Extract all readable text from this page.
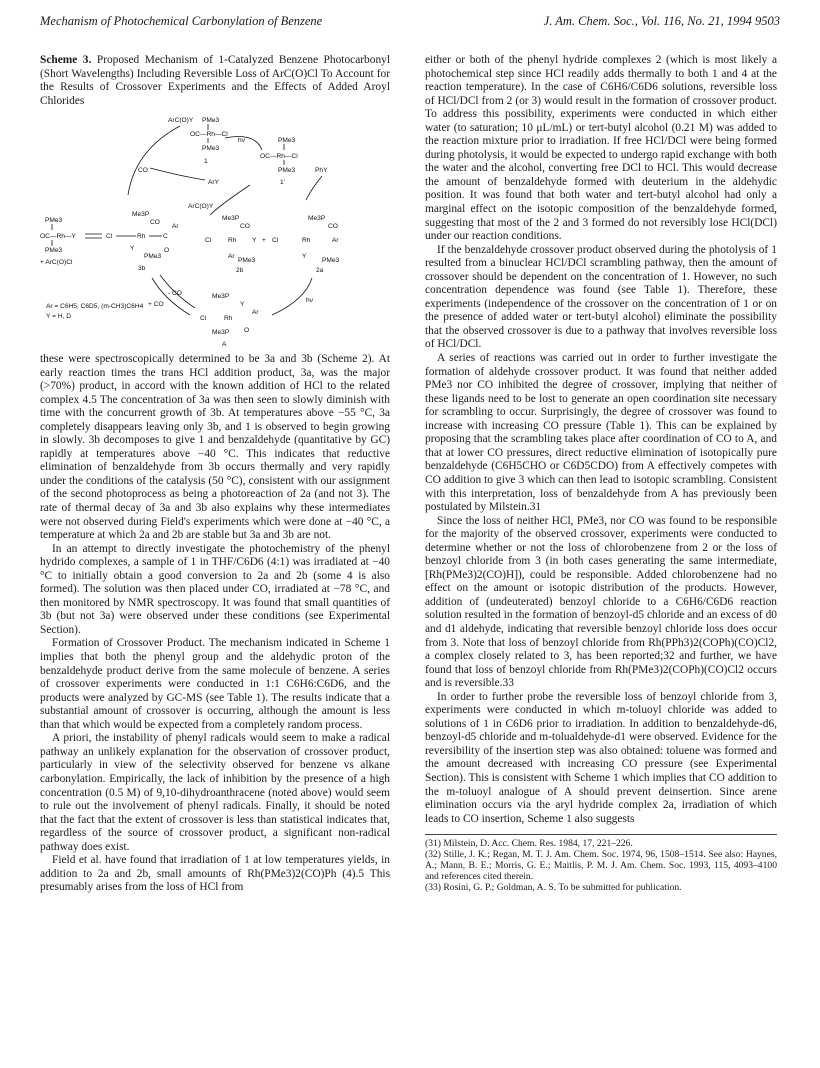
Mechanism of Photochemical Carbonylation of Benzene	J. Am. Chem. Soc., Vol. 116, No. 21, 1994 9503
Scheme 3. Proposed Mechanism of 1-Catalyzed Benzene Photocarbonyl (Short Wavelengths) Including Reversible Loss of ArC(O)Cl To Account for the Results of Crossover Experiments and the Effects of Added Aroyl Chlorides
ArC(O)Y PMe3
OC—Rh—Cl
PMe3
1
hν	PMe3
OC—Rh—Cl
PMe3
1'
PhY
CO
ArY
ArC(O)Y
PMe3
OC—Rh—Y
PMe3
+ ArC(O)Cl
Me3P
CO
Cl	Rh	C
Ar
Y
PMe3
O
3b
Me3P
CO
Cl	Rh Y
Ar
PMe3
2b
+
Me3P
CO
Cl	Rh	Ar
Y
PMe3
2a
- CO
+ CO
hν
Me3P
Y
Cl	Rh
Ar
O
Me3P
A
Ar = C6H5, C6D5, (m-CH3)C6H4
Y = H, D

these were spectroscopically determined to be 3a and 3b (Scheme 2). At early reaction times the trans HCl addition product, 3a, was the major (>70%) product, in accord with the known addition of HCl to the related complex 4.5 The concentration of 3a was then seen to slowly diminish with time with the concurrent growth of 3b. At temperatures above −55 °C, 3a completely disappears leaving only 3b, and 1 is observed to begin growing in slowly. 3b decomposes to give 1 and benzaldehyde (quantitative by GC) rapidly at temperatures above −40 °C. This indicates that reductive elimination of benzaldehyde from 3b occurs thermally and very rapidly under the conditions of the catalysis (50 °C), consistent with our assignment of the second photoprocess as being a photoreaction of 2a (and not 3). The rate of thermal decay of 3a and 3b also explains why these intermediates were not observed during Field's experiments which were done at −40 °C, a temperature at which 2a and 2b are stable but 3a and 3b are not.

In an attempt to directly investigate the photochemistry of the phenyl hydrido complexes, a sample of 1 in THF/C6D6 (4:1) was irradiated at −40 °C to initially obtain a good conversion to 2a and 2b (some 4 is also formed). The solution was then placed under CO, irradiated at −78 °C, and then monitored by NMR spectroscopy. It was found that small quantities of 3b (but not 3a) were observed under these conditions (see Experimental Section).

Formation of Crossover Product. The mechanism indicated in Scheme 1 implies that both the phenyl group and the aldehydic proton of the benzaldehyde product derive from the same molecule of benzene. A series of crossover experiments were conducted in 1:1 C6H6:C6D6, and the products were analyzed by GC-MS (see Table 1). The results indicate that a substantial amount of crossover is occurring, although the amount is less than that which would be expected from a completely random process.

A priori, the instability of phenyl radicals would seem to make a radical pathway an unlikely explanation for the observation of crossover product, particularly in view of the selectivity observed for benzene vs alkane carbonylation. Empirically, the lack of inhibition by the presence of a high concentration (0.5 M) of 9,10-dihydroanthracene (noted above) would seem to rule out the involvement of phenyl radicals. Finally, it should be noted that the fact that the extent of crossover is less than statistical indicates that, regardless of the source of crossover product, a significant non-radical pathway does exist.

Field et al. have found that irradiation of 1 at low temperatures yields, in addition to 2a and 2b, small amounts of Rh(PMe3)2(CO)Ph (4).5 This presumably arises from the loss of HCl from

either or both of the phenyl hydride complexes 2 (which is most likely a photochemical step since HCl readily adds thermally to both 1 and 4 at the reaction temperature). In the case of C6H6/C6D6 solutions, reversible loss of HCl/DCl from 2 (or 3) would result in the formation of crossover product. To address this possibility, experiments were conducted in which either water (to saturation; 10 μL/mL) or tert-butyl alcohol (0.21 M) was added to the reaction mixture prior to irradiation. If free HCl/DCl were being formed during photolysis, it would be expected to undergo rapid exchange with both the water and the alcohol, converting free DCl to HCl. This would decrease the amount of benzaldehyde formed with deuterium in the aldehydic position. It was found that both water and tert-butyl alcohol had only a marginal effect on the isotopic composition of the benzaldehyde formed, suggesting that most of the 2 and 3 formed do not reversibly lose HCl(DCl) under our reaction conditions.

If the benzaldehyde crossover product observed during the photolysis of 1 resulted from a binuclear HCl/DCl scrambling pathway, then the amount of crossover should be dependent on the concentration of 1. However, no such concentration dependence was found (see Table 1). Therefore, these experiments (independence of the crossover on the concentration of 1 or on the presence of added water or tert-butyl alcohol) eliminate the possibility that the observed crossover is due to a pathway that involves reversible loss of HCl/DCl.

A series of reactions was carried out in order to further investigate the formation of aldehyde crossover product. It was found that neither added PMe3 nor CO inhibited the degree of crossover, implying that neither of these ligands need to be lost to generate an open coordination site necessary for scrambling to occur. Surprisingly, the degree of crossover was found to increase with increasing CO pressure (Table 1). This can be explained by proposing that the scrambling takes place after coordination of CO to A, and that at lower CO pressures, direct reductive elimination of isotopically pure benzaldehyde (C6H5CHO or C6D5CDO) from A effectively competes with CO addition to give 3 which can then lead to isotopic scrambling. Consistent with this interpretation, loss of benzaldehyde from A has previously been postulated by Milstein.31

Since the loss of neither HCl, PMe3, nor CO was found to be responsible for the majority of the observed crossover, experiments were conducted to determine whether or not the loss of chlorobenzene from 2 or the loss of benzoyl chloride from 3 (in both cases generating the same intermediate, [Rh(PMe3)2(CO)H]), could be responsible. Added chlorobenzene had no effect on the amount or isotopic distribution of the products. However, addition of (undeuterated) benzoyl chloride to a C6H6/C6D6 reaction solution resulted in the formation of benzoyl-d5 chloride and an excess of d0 and d1 aldehyde, indicating that reversible benzoyl chloride loss does occur from 3. Note that loss of benzoyl chloride from Rh(PPh3)2(COPh)(CO)Cl2, a complex closely related to 3, has been reported;32 and further, we have found that loss of benzoyl chloride from Rh(PMe3)2(COPh)(CO)Cl2 occurs and is reversible.33

In order to further probe the reversible loss of benzoyl chloride from 3, experiments were conducted in which m-toluoyl chloride was added to solutions of 1 in C6D6 prior to irradiation. In addition to benzaldehyde-d6, benzoyl-d5 chloride and m-tolualdehyde-d1 were observed. Evidence for the reversibility of the insertion step was also obtained: toluene was formed and the amount decreased with increasing CO pressure (see Experimental Section). This is consistent with Scheme 1 which implies that CO addition to the m-toluoyl analogue of A should prevent deinsertion. Since arene elimination occurs via the aryl hydride complex 2a, irradiation of which leads to CO insertion, Scheme 1 also suggests

(31) Milstein, D. Acc. Chem. Res. 1984, 17, 221–226.
(32) Stille, J. K.; Regan, M. T. J. Am. Chem. Soc. 1974, 96, 1508–1514. See also: Haynes, A.; Mann, B. E.; Morris, G. E.; Maitlis, P. M. J. Am. Chem. Soc. 1993, 115, 4093–4100 and references cited therein.
(33) Rosini, G. P.; Goldman, A. S. To be submitted for publication.
